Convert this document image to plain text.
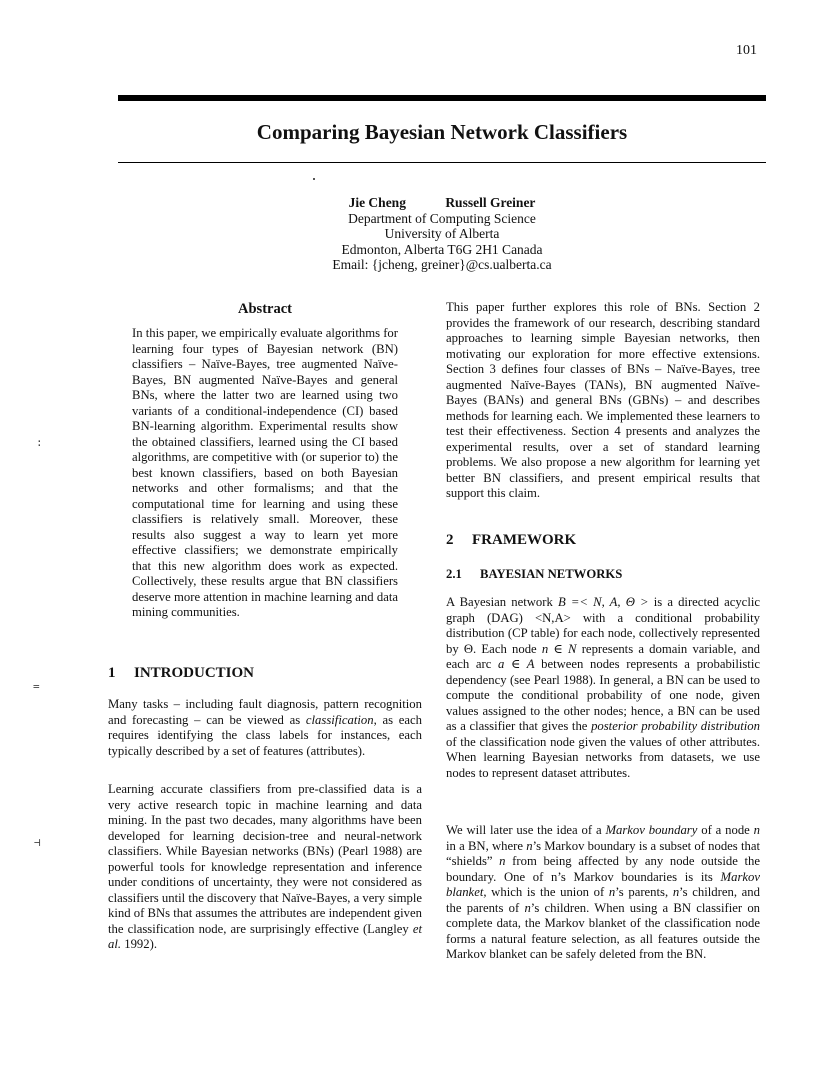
101
Comparing Bayesian Network Classifiers
Jie Cheng	Russell Greiner
Department of Computing Science
University of Alberta
Edmonton, Alberta T6G 2H1 Canada
Email: {jcheng, greiner}@cs.ualberta.ca
:
=
⊣
Abstract

In this paper, we empirically evaluate algorithms for learning four types of Bayesian network (BN) classifiers – Naïve-Bayes, tree augmented Naïve-Bayes, BN augmented Naïve-Bayes and general BNs, where the latter two are learned using two variants of a conditional-independence (CI) based BN-learning algorithm. Experimental results show the obtained classifiers, learned using the CI based algorithms, are competitive with (or superior to) the best known classifiers, based on both Bayesian networks and other formalisms; and that the computational time for learning and using these classifiers is relatively small. Moreover, these results also suggest a way to learn yet more effective classifiers; we demonstrate empirically that this new algorithm does work as expected. Collectively, these results argue that BN classifiers deserve more attention in machine learning and data mining communities.

1 INTRODUCTION

Many tasks – including fault diagnosis, pattern recognition and forecasting – can be viewed as classification, as each requires identifying the class labels for instances, each typically described by a set of features (attributes).

Learning accurate classifiers from pre-classified data is a very active research topic in machine learning and data mining. In the past two decades, many algorithms have been developed for learning decision-tree and neural-network classifiers. While Bayesian networks (BNs) (Pearl 1988) are powerful tools for knowledge representation and inference under conditions of uncertainty, they were not considered as classifiers until the discovery that Naïve-Bayes, a very simple kind of BNs that assumes the attributes are independent given the classification node, are surprisingly effective (Langley et al. 1992).

This paper further explores this role of BNs. Section 2 provides the framework of our research, describing standard approaches to learning simple Bayesian networks, then motivating our exploration for more effective extensions. Section 3 defines four classes of BNs – Naïve-Bayes, tree augmented Naïve-Bayes (TANs), BN augmented Naïve-Bayes (BANs) and general BNs (GBNs) – and describes methods for learning each. We implemented these learners to test their effectiveness. Section 4 presents and analyzes the experimental results, over a set of standard learning problems. We also propose a new algorithm for learning yet better BN classifiers, and present empirical results that support this claim.

2 FRAMEWORK
2.1 BAYESIAN NETWORKS

A Bayesian network B =< N, A, Θ > is a directed acyclic graph (DAG) <N,A> with a conditional probability distribution (CP table) for each node, collectively represented by Θ. Each node n ∈ N represents a domain variable, and each arc a ∈ A between nodes represents a probabilistic dependency (see Pearl 1988). In general, a BN can be used to compute the conditional probability of one node, given values assigned to the other nodes; hence, a BN can be used as a classifier that gives the posterior probability distribution of the classification node given the values of other attributes. When learning Bayesian networks from datasets, we use nodes to represent dataset attributes.

We will later use the idea of a Markov boundary of a node n in a BN, where n’s Markov boundary is a subset of nodes that “shields” n from being affected by any node outside the boundary. One of n’s Markov boundaries is its Markov blanket, which is the union of n’s parents, n’s children, and the parents of n’s children. When using a BN classifier on complete data, the Markov blanket of the classification node forms a natural feature selection, as all features outside the Markov blanket can be safely deleted from the BN.
